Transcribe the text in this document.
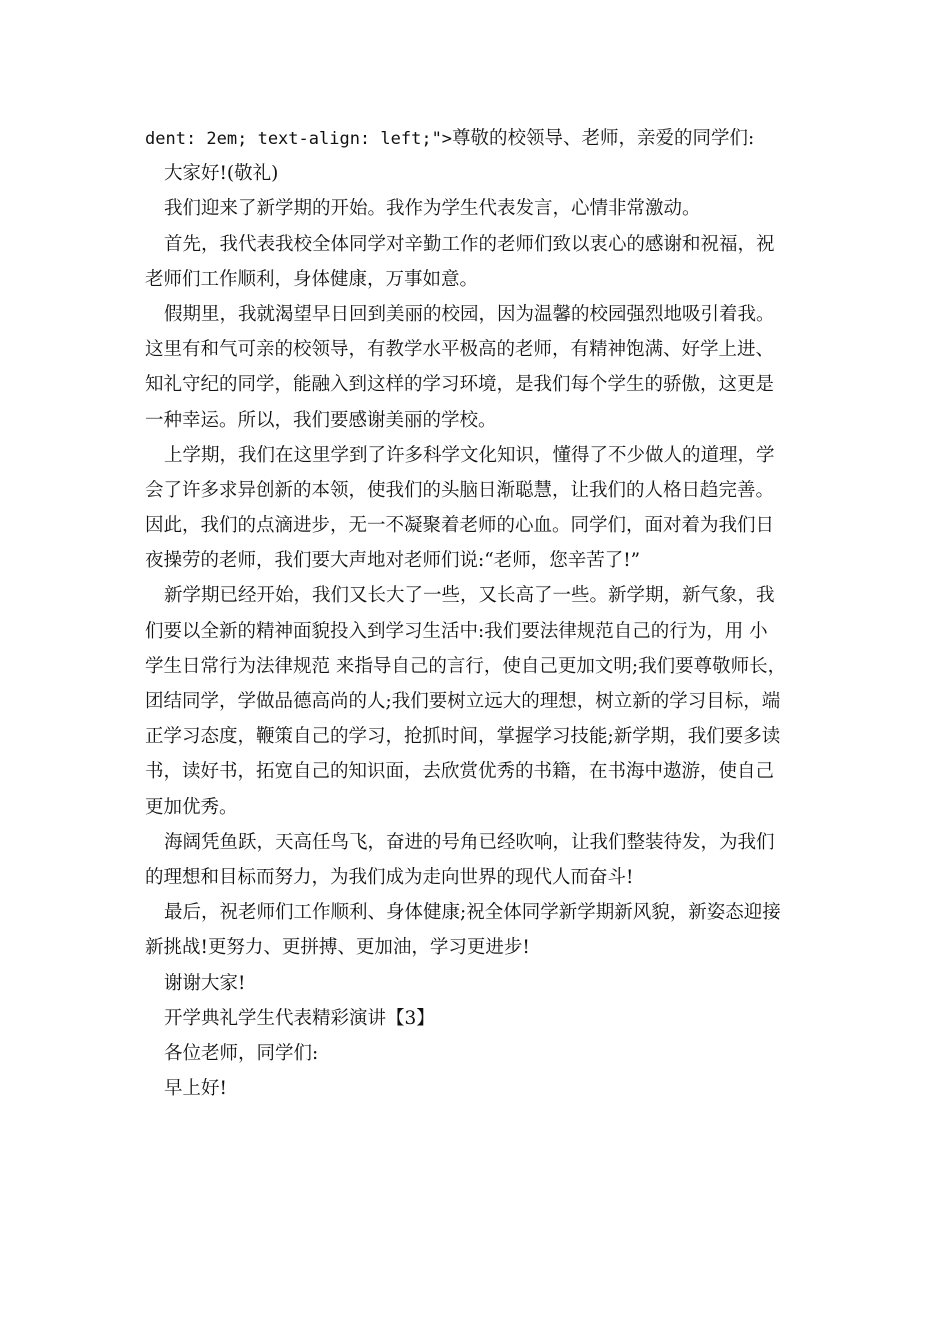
dent: 2em; text-align: left;">尊敬的校领导、老师，亲爱的同学们:
大家好!(敬礼)
我们迎来了新学期的开始。我作为学生代表发言，心情非常激动。
首先，我代表我校全体同学对辛勤工作的老师们致以衷心的感谢和祝福，祝
老师们工作顺利，身体健康，万事如意。
假期里，我就渴望早日回到美丽的校园，因为温馨的校园强烈地吸引着我。
这里有和气可亲的校领导，有教学水平极高的老师，有精神饱满、好学上进、
知礼守纪的同学，能融入到这样的学习环境，是我们每个学生的骄傲，这更是
一种幸运。所以，我们要感谢美丽的学校。
上学期，我们在这里学到了许多科学文化知识，懂得了不少做人的道理，学
会了许多求异创新的本领，使我们的头脑日渐聪慧，让我们的人格日趋完善。
因此，我们的点滴进步，无一不凝聚着老师的心血。同学们，面对着为我们日
夜操劳的老师，我们要大声地对老师们说:“老师，您辛苦了!”
新学期已经开始，我们又长大了一些，又长高了一些。新学期，新气象，我
们要以全新的精神面貌投入到学习生活中:我们要法律规范自己的行为，用 小
学生日常行为法律规范 来指导自己的言行，使自己更加文明;我们要尊敬师长，
团结同学，学做品德高尚的人;我们要树立远大的理想，树立新的学习目标，端
正学习态度，鞭策自己的学习，抢抓时间，掌握学习技能;新学期，我们要多读
书，读好书，拓宽自己的知识面，去欣赏优秀的书籍，在书海中遨游，使自己
更加优秀。
海阔凭鱼跃，天高任鸟飞，奋进的号角已经吹响，让我们整装待发，为我们
的理想和目标而努力，为我们成为走向世界的现代人而奋斗!
最后，祝老师们工作顺利、身体健康;祝全体同学新学期新风貌，新姿态迎接
新挑战!更努力、更拼搏、更加油，学习更进步!
谢谢大家!
开学典礼学生代表精彩演讲【3】
各位老师，同学们:
早上好!
